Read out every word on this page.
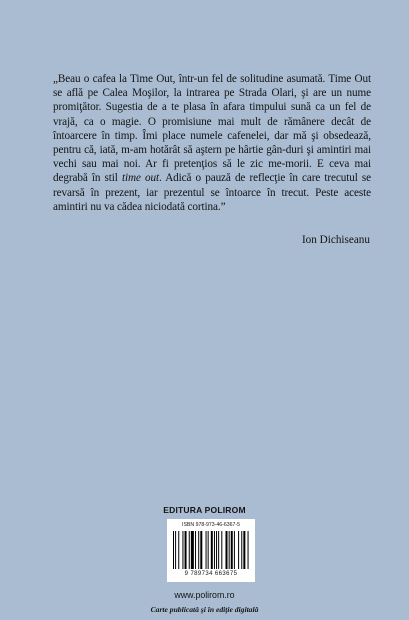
„Beau o cafea la Time Out, într-un fel de solitudine asumată. Time Out se află pe Calea Moşilor, la intrarea pe Strada Olari, şi are un nume promiţător. Sugestia de a te plasa în afara timpului sună ca un fel de vrajă, ca o magie. O promisiune mai mult de rămânere decât de întoarcere în timp. Îmi place numele cafenelei, dar mă şi obsedează, pentru că, iată, m-am hotărât să aştern pe hârtie gân-duri şi amintiri mai vechi sau mai noi. Ar fi pretenţios să le zic me-morii. E ceva mai degrabă în stil time out. Adică o pauză de reflecţie în care trecutul se revarsă în prezent, iar prezentul se întoarce în trecut. Peste aceste amintiri nu va cădea niciodată cortina.”

Ion Dichiseanu

EDITURA POLIROM

ISBN 978-973-46-6367-5
9 789734 663675

www.polirom.ro

Carte publicată şi în ediţie digitală
